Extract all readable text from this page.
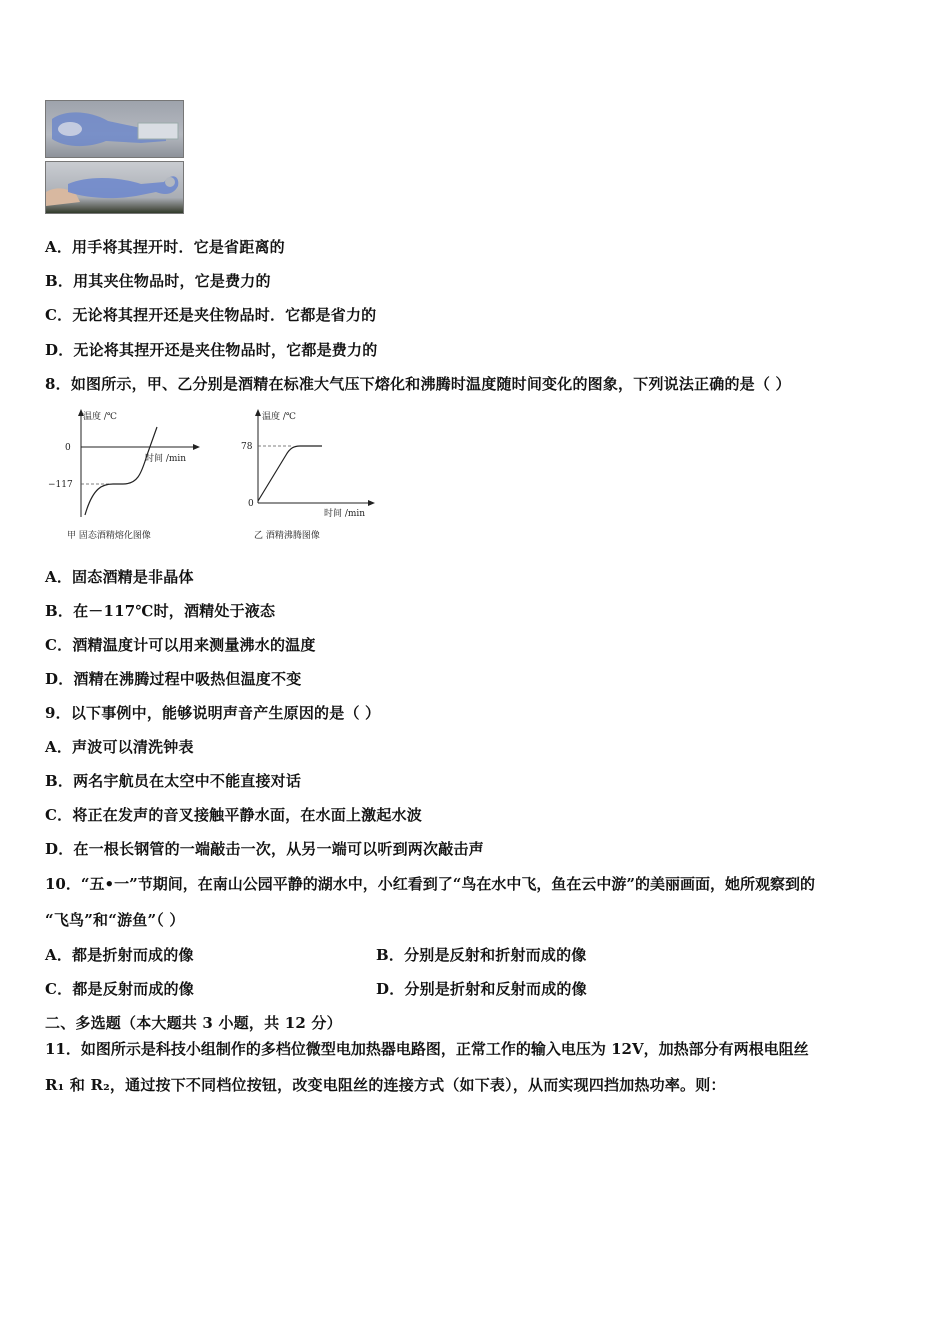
A．用手将其捏开时．它是省距离的
B．用其夹住物品时，它是费力的
C．无论将其捏开还是夹住物品时．它都是省力的
D．无论将其捏开还是夹住物品时，它都是费力的
8．如图所示，甲、乙分别是酒精在标准大气压下熔化和沸腾时温度随时间变化的图象，下列说法正确的是（ ）
温度 /℃
时间 /min
0
−117
甲 固态酒精熔化图像
温度 /℃
时间 /min
78
0
乙 酒精沸腾图像
A．固态酒精是非晶体
B．在－117℃时，酒精处于液态
C．酒精温度计可以用来测量沸水的温度
D．酒精在沸腾过程中吸热但温度不变
9．以下事例中，能够说明声音产生原因的是（ ）
A．声波可以清洗钟表
B．两名宇航员在太空中不能直接对话
C．将正在发声的音叉接触平静水面，在水面上激起水波
D．在一根长钢管的一端敲击一次，从另一端可以听到两次敲击声
10．“五•一”节期间，在南山公园平静的湖水中，小红看到了“鸟在水中飞，鱼在云中游”的美丽画面，她所观察到的
“飞鸟”和“游鱼”（ ）
A．都是折射而成的像	B．分别是反射和折射而成的像
C．都是反射而成的像	D．分别是折射和反射而成的像
二、多选题（本大题共 3 小题，共 12 分）
11．如图所示是科技小组制作的多档位微型电加热器电路图，正常工作的输入电压为 12V，加热部分有两根电阻丝
R₁ 和 R₂，通过按下不同档位按钮，改变电阻丝的连接方式（如下表），从而实现四挡加热功率。则：
